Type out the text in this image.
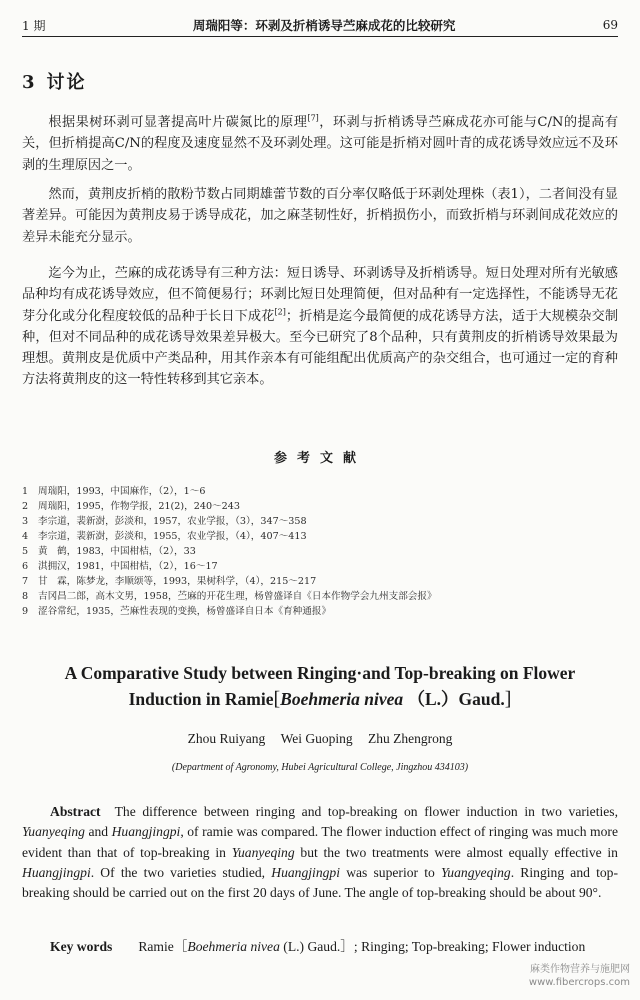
1 期	周瑞阳等：环剥及折梢诱导苎麻成花的比较研究	69
3 讨论

根据果树环剥可显著提高叶片碳氮比的原理[7]，环剥与折梢诱导苎麻成花亦可能与C/N的提高有关，但折梢提高C/N的程度及速度显然不及环剥处理。这可能是折梢对圆叶青的成花诱导效应远不及环剥的生理原因之一。

然而，黄荆皮折梢的散粉节数占同期雄蕾节数的百分率仅略低于环剥处理株（表1），二者间没有显著差异。可能因为黄荆皮易于诱导成花，加之麻茎韧性好，折梢损伤小，而致折梢与环剥间成花效应的差异未能充分显示。

迄今为止，苎麻的成花诱导有三种方法：短日诱导、环剥诱导及折梢诱导。短日处理对所有光敏感品种均有成花诱导效应，但不简便易行；环剥比短日处理简便，但对品种有一定选择性，不能诱导无花芽分化或分化程度较低的品种于长日下成花[2]；折梢是迄今最简便的成花诱导方法，适于大规模杂交制种，但对不同品种的成花诱导效果差异极大。至今已研究了8个品种，只有黄荆皮的折梢诱导效果最为理想。黄荆皮是优质中产类品种，用其作亲本有可能组配出优质高产的杂交组合，也可通过一定的育种方法将黄荆皮的这一特性转移到其它亲本。

参考文献
1 周瑞阳，1993，中国麻作，（2），1～6
2 周瑞阳，1995，作物学报，21(2)，240～243
3 李宗道，裴新澍，彭淡和，1957，农业学报，（3），347～358
4 李宗道，裴新澍，彭淡和，1955，农业学报，（4），407～413
5 黄　鹤，1983，中国柑桔，（2），33
6 淇拥汉，1981，中国柑桔，（2），16～17
7 甘　霖，陈梦龙，李顺颂等，1993，果树科学，（4），215～217
8 吉冈昌二郎，高木文男，1958，苎麻的开花生理，杨曾盛译自《日本作物学会九州支部会报》
9 涩谷常纪，1935，苎麻性表现的变换，杨曾盛译自日本《育种通报》
A Comparative Study between Ringing·and Top-breaking on Flower
Induction in Ramie[Boehmeria nivea （L.）Gaud.]
Zhou Ruiyang Wei Guoping Zhu Zhengrong
(Department of Agronomy, Hubei Agricultural College, Jingzhou 434103)

Abstract The difference between ringing and top-breaking on flower induction in two varieties, Yuanyeqing and Huangjingpi, of ramie was compared. The flower induction effect of ringing was much more evident than that of top-breaking in Yuanyeqing but the two treatments were almost equally effective in Huangjingpi. Of the two varieties studied, Huangjingpi was superior to Yuangyeqing. Ringing and top-breaking should be carried out on the first 20 days of June. The angle of top-breaking should be about 90°.

Key words Ramie［Boehmeria nivea (L.) Gaud.］; Ringing; Top-breaking; Flower induction

麻类作物营养与施肥网
www.fibercrops.com
